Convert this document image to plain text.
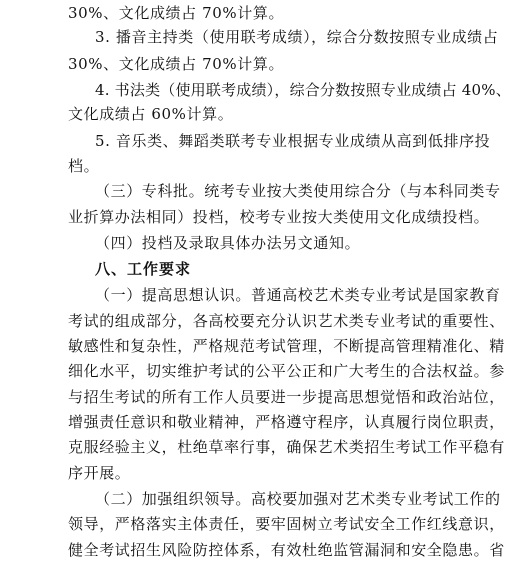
30%、文化成绩占 70%计算。
3. 播音主持类（使用联考成绩），综合分数按照专业成绩占
30%、文化成绩占 70%计算。
4. 书法类（使用联考成绩），综合分数按照专业成绩占 40%、
文化成绩占 60%计算。
5. 音乐类、舞蹈类联考专业根据专业成绩从高到低排序投
档。
（三）专科批。统考专业按大类使用综合分（与本科同类专
业折算办法相同）投档，校考专业按大类使用文化成绩投档。
（四）投档及录取具体办法另文通知。
八、工作要求
（一）提高思想认识。普通高校艺术类专业考试是国家教育
考试的组成部分，各高校要充分认识艺术类专业考试的重要性、
敏感性和复杂性，严格规范考试管理，不断提高管理精准化、精
细化水平，切实维护考试的公平公正和广大考生的合法权益。参
与招生考试的所有工作人员要进一步提高思想觉悟和政治站位，
增强责任意识和敬业精神，严格遵守程序，认真履行岗位职责，
克服经验主义，杜绝草率行事，确保艺术类招生考试工作平稳有
序开展。
（二）加强组织领导。高校要加强对艺术类专业考试工作的
领导，严格落实主体责任，要牢固树立考试安全工作红线意识，
健全考试招生风险防控体系，有效杜绝监管漏洞和安全隐患。省
